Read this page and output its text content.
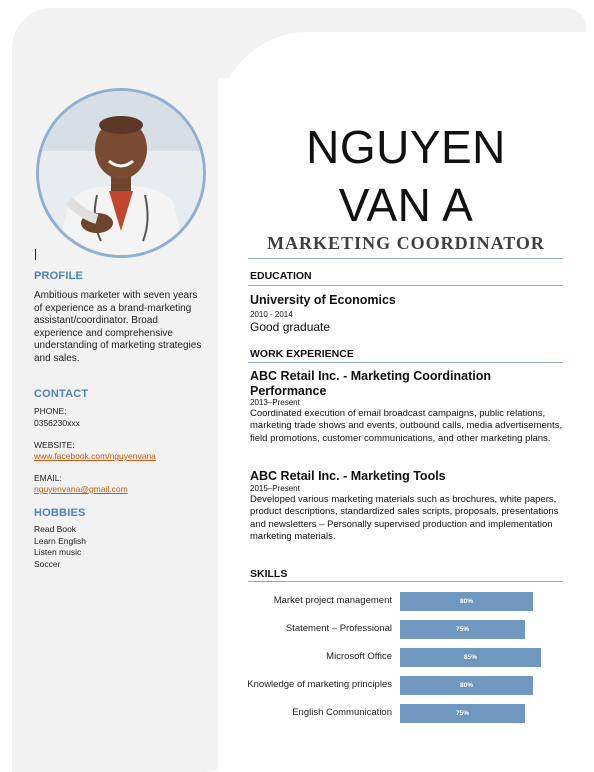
PROFILE
Ambitious marketer with seven years of experience as a brand-marketing assistant/coordinator. Broad experience and comprehensive understanding of marketing strategies and sales.
CONTACT
PHONE:
0356230xxx
WEBSITE:
www.facebook.com/nguyenvana
EMAIL:
nguyenvana@gmail.com
HOBBIES
Read Book
Learn English
Listen music
Soccer
NGUYEN
VAN A
MARKETING COORDINATOR
EDUCATION
University of Economics
2010 - 2014
Good graduate
WORK EXPERIENCE
ABC Retail Inc. - Marketing Coordination Performance
2013–Present
Coordinated execution of email broadcast campaigns, public relations, marketing trade shows and events, outbound calls, media advertisements, field promotions, customer communications, and other marketing plans.
ABC Retail Inc. - Marketing Tools
2015–Present
Developed various marketing materials such as brochures, white papers, product descriptions, standardized sales scripts, proposals, presentations and newsletters – Personally supervised production and implementation marketing materials.
SKILLS
Market project management	80%
Statement – Professional	75%
Microsoft Office	85%
Knowledge of marketing principles	80%
English Communication	75%
